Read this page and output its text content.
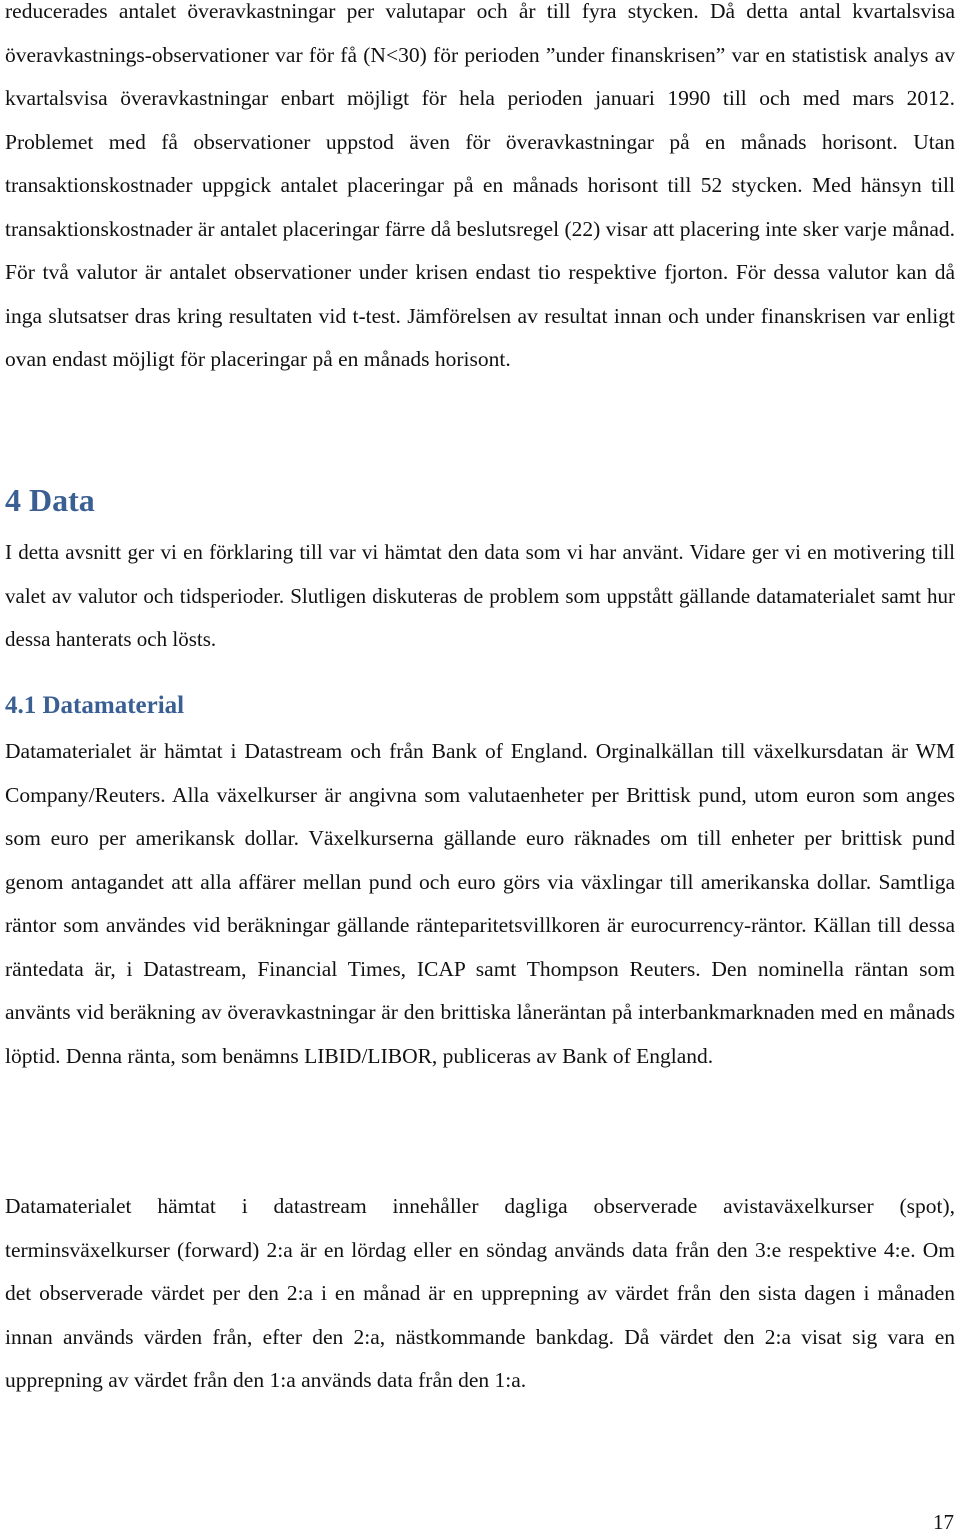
reducerades antalet överavkastningar per valutapar och år till fyra stycken. Då detta antal kvartalsvisa överavkastnings-observationer var för få (N<30) för perioden ”under finanskrisen” var en statistisk analys av kvartalsvisa överavkastningar enbart möjligt för hela perioden januari 1990 till och med mars 2012. Problemet med få observationer uppstod även för överavkastningar på en månads horisont. Utan transaktionskostnader uppgick antalet placeringar på en månads horisont till 52 stycken. Med hänsyn till transaktionskostnader är antalet placeringar färre då beslutsregel (22) visar att placering inte sker varje månad. För två valutor är antalet observationer under krisen endast tio respektive fjorton. För dessa valutor kan då inga slutsatser dras kring resultaten vid t-test. Jämförelsen av resultat innan och under finanskrisen var enligt ovan endast möjligt för placeringar på en månads horisont.

4 Data

I detta avsnitt ger vi en förklaring till var vi hämtat den data som vi har använt. Vidare ger vi en motivering till valet av valutor och tidsperioder. Slutligen diskuteras de problem som uppstått gällande datamaterialet samt hur dessa hanterats och lösts.

4.1 Datamaterial

Datamaterialet är hämtat i Datastream och från Bank of England. Orginalkällan till växelkursdatan är WM Company/Reuters. Alla växelkurser är angivna som valutaenheter per Brittisk pund, utom euron som anges som euro per amerikansk dollar. Växelkurserna gällande euro räknades om till enheter per brittisk pund genom antagandet att alla affärer mellan pund och euro görs via växlingar till amerikanska dollar. Samtliga räntor som användes vid beräkningar gällande ränteparitetsvillkoren är eurocurrency-räntor. Källan till dessa räntedata är, i Datastream, Financial Times, ICAP samt Thompson Reuters. Den nominella räntan som använts vid beräkning av överavkastningar är den brittiska låneräntan på interbankmarknaden med en månads löptid. Denna ränta, som benämns LIBID/LIBOR, publiceras av Bank of England.

Datamaterialet hämtat i datastream innehåller dagliga observerade avistaväxelkurser (spot), terminsväxelkurser (forward) 2:a är en lördag eller en söndag används data från den 3:e respektive 4:e. Om det observerade värdet per den 2:a i en månad är en upprepning av värdet från den sista dagen i månaden innan används värden från, efter den 2:a, nästkommande bankdag. Då värdet den 2:a visat sig vara en upprepning av värdet från den 1:a används data från den 1:a.

17
